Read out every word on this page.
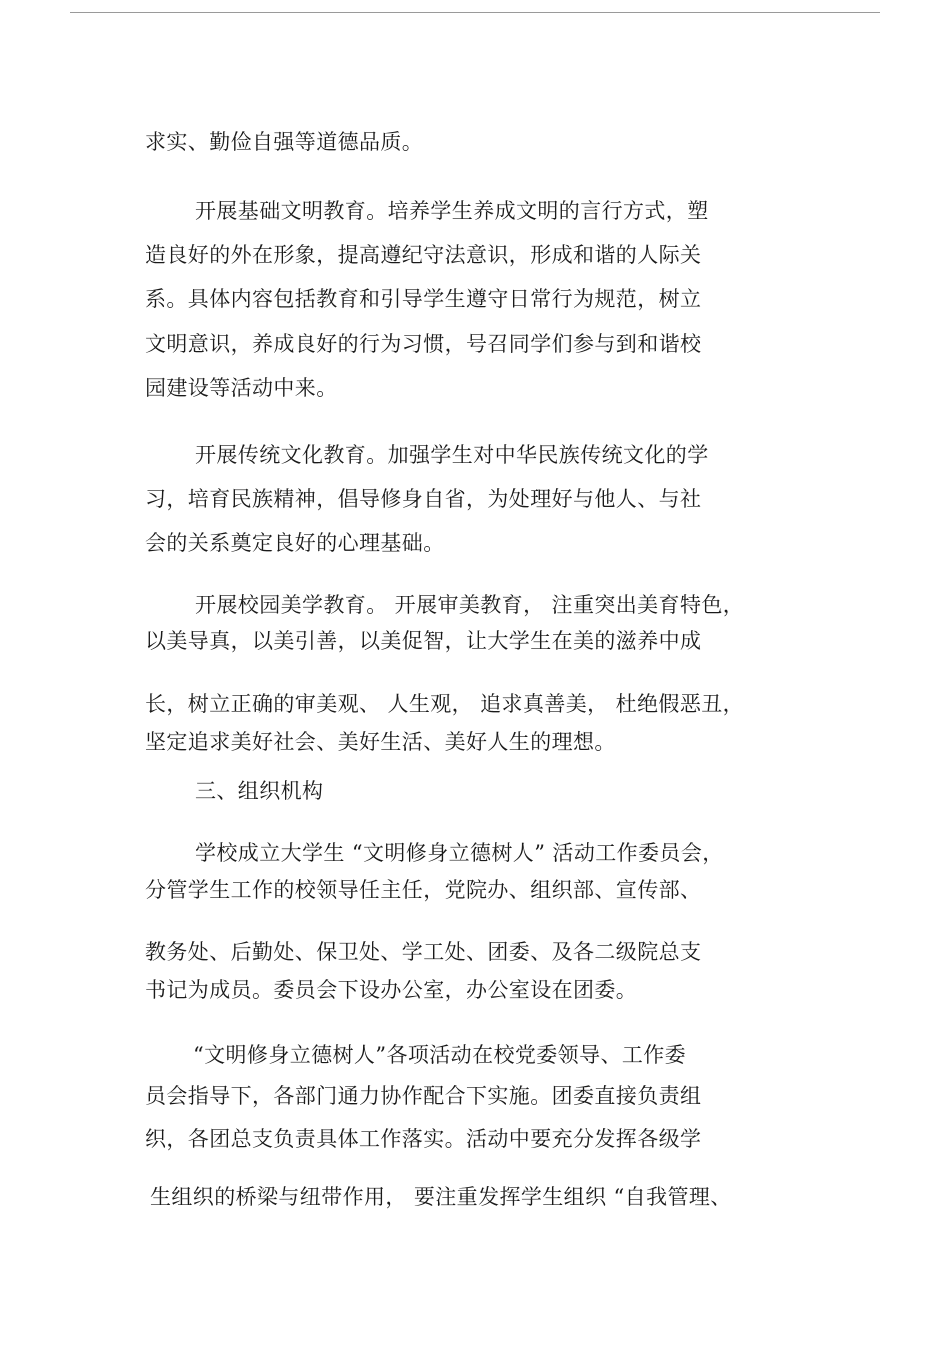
求实、勤俭自强等道德品质。
开展基础文明教育。培养学生养成文明的言行方式，塑
造良好的外在形象，提高遵纪守法意识，形成和谐的人际关
系。具体内容包括教育和引导学生遵守日常行为规范，树立
文明意识，养成良好的行为习惯，号召同学们参与到和谐校
园建设等活动中来。
开展传统文化教育。加强学生对中华民族传统文化的学
习，培育民族精神，倡导修身自省，为处理好与他人、与社
会的关系奠定良好的心理基础。
开展校园美学教育。 开展审美教育， 注重突出美育特色，
以美导真，以美引善，以美促智，让大学生在美的滋养中成
长，树立正确的审美观、 人生观， 追求真善美， 杜绝假恶丑，
坚定追求美好社会、美好生活、美好人生的理想。
三、组织机构
学校成立大学生 “文明修身立德树人” 活动工作委员会，
分管学生工作的校领导任主任，党院办、组织部、宣传部、
教务处、后勤处、保卫处、学工处、团委、及各二级院总支
书记为成员。委员会下设办公室，办公室设在团委。
“文明修身立德树人”各项活动在校党委领导、工作委
员会指导下，各部门通力协作配合下实施。团委直接负责组
织，各团总支负责具体工作落实。活动中要充分发挥各级学
生组织的桥梁与纽带作用， 要注重发挥学生组织 “自我管理、
